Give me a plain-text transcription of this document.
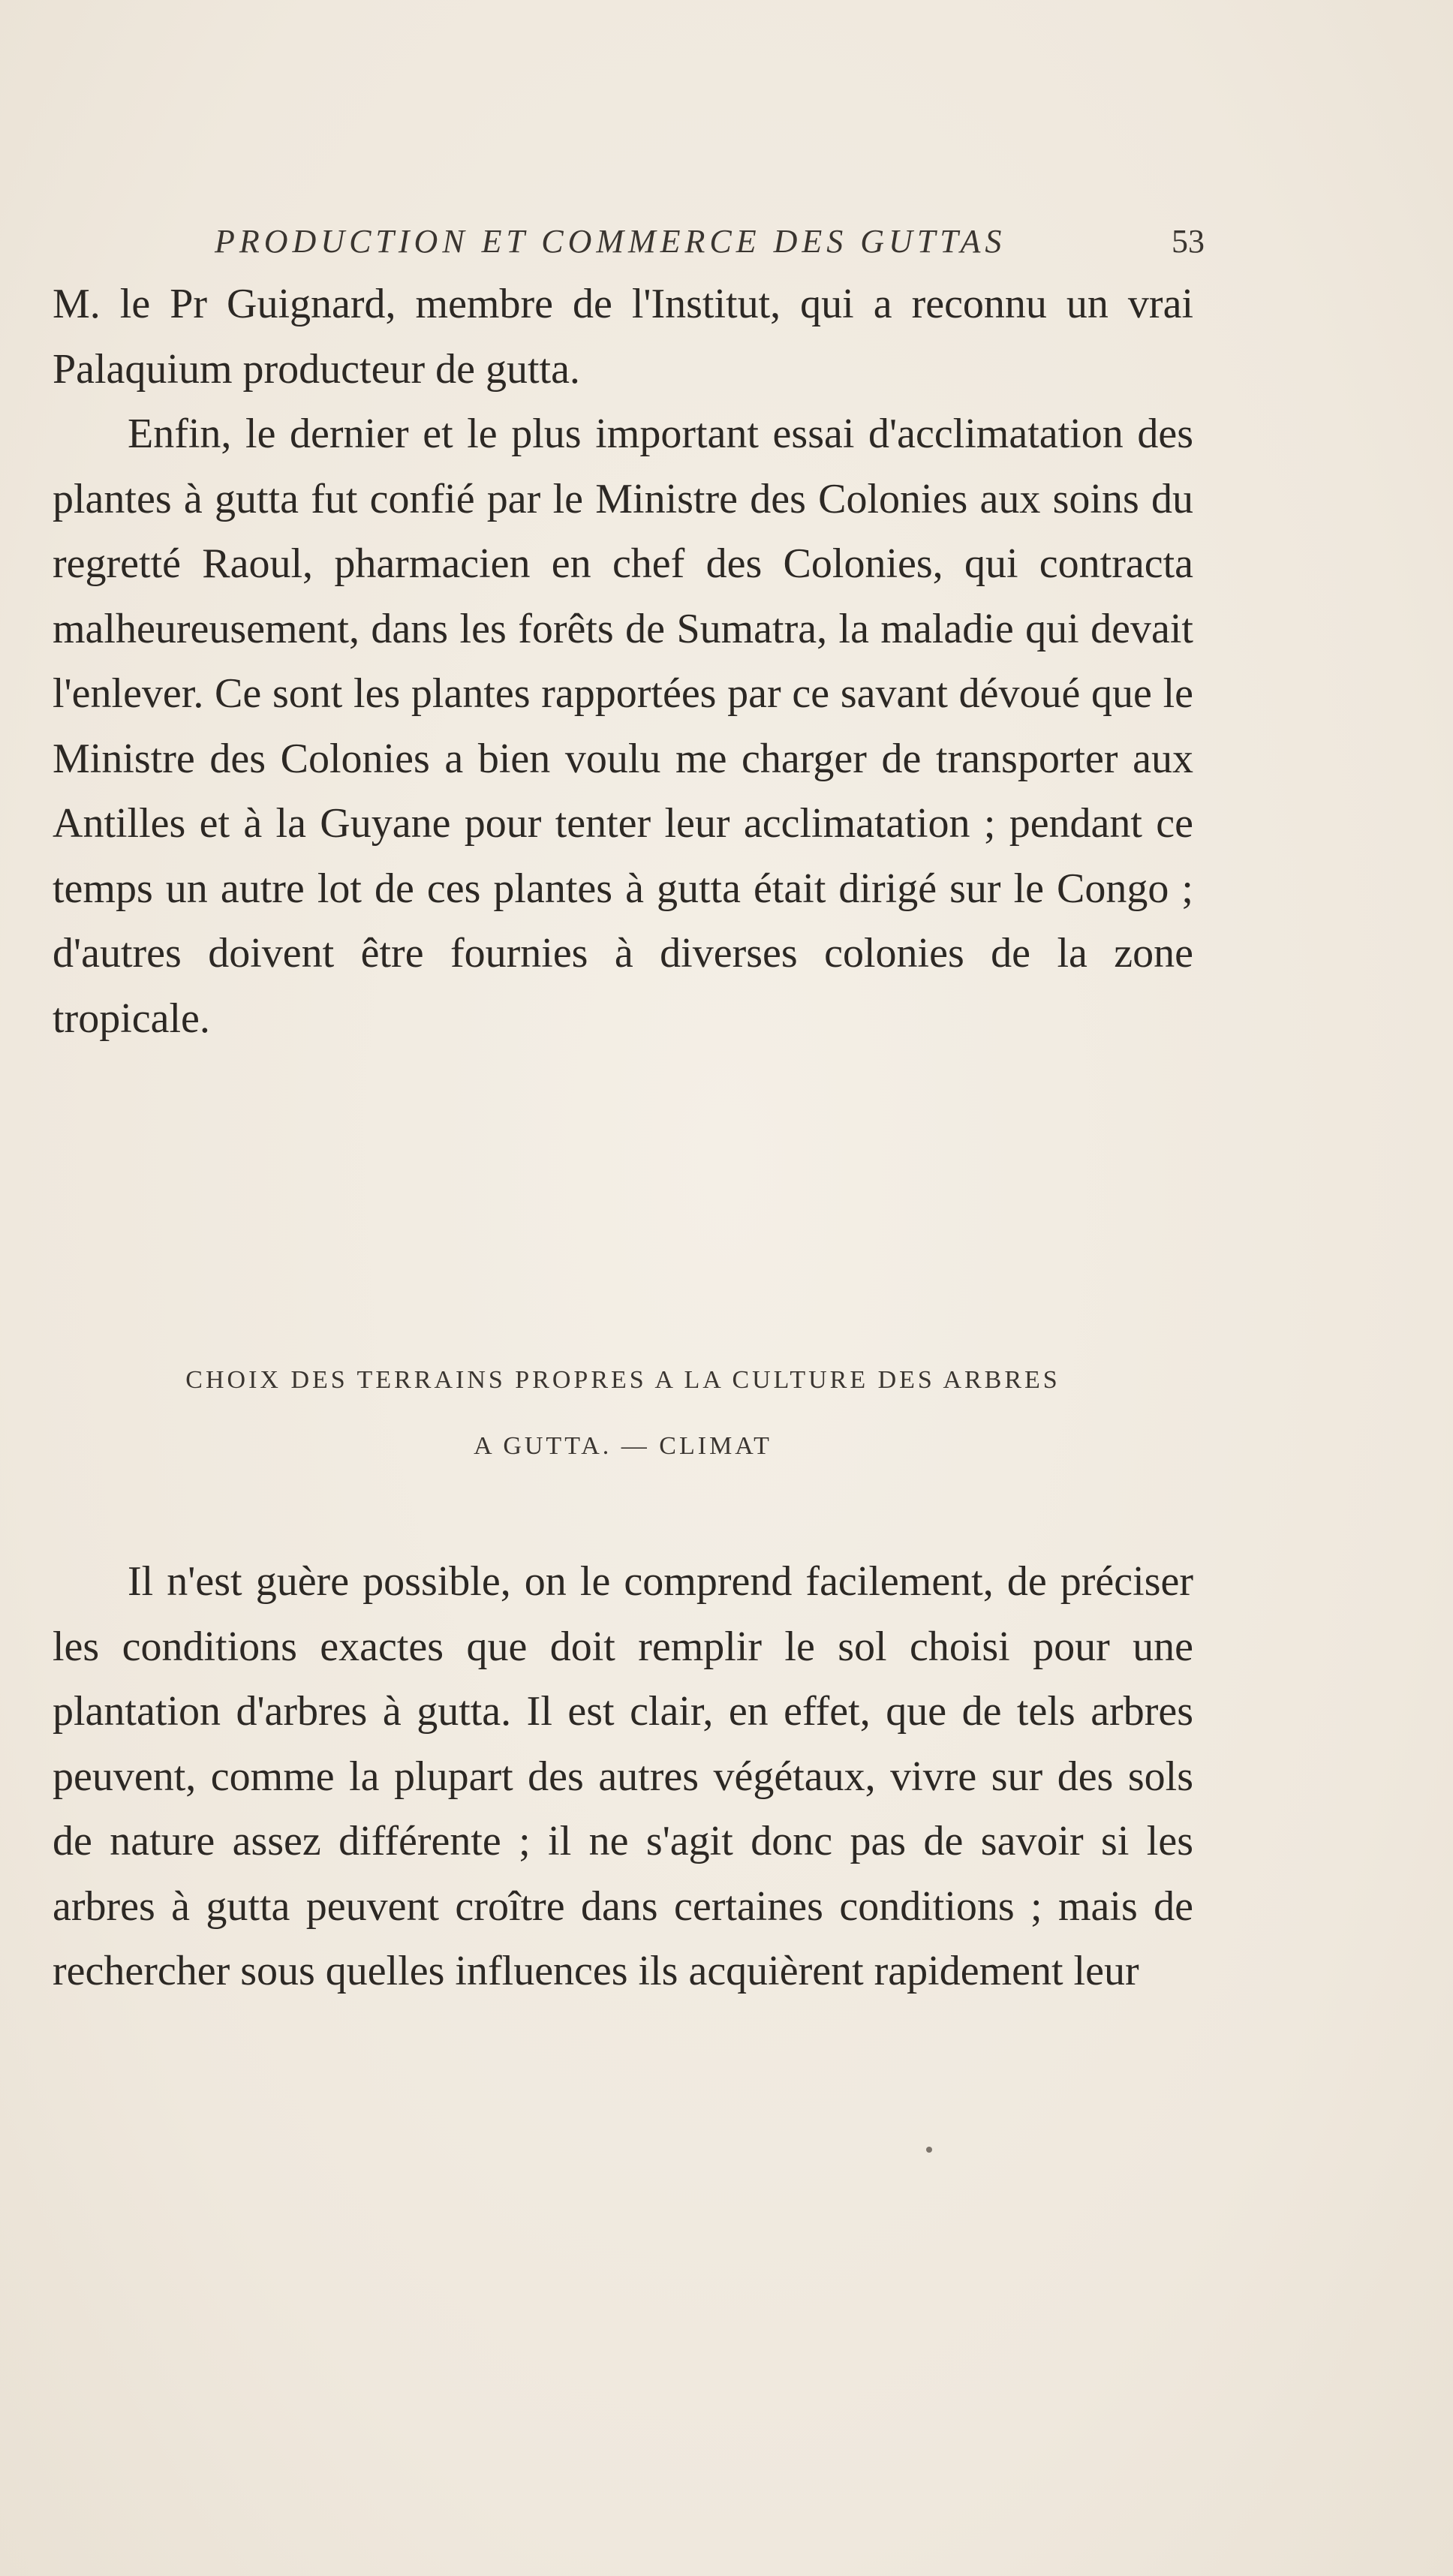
PRODUCTION ET COMMERCE DES GUTTAS	53

M. le Pr Guignard, membre de l'Institut, qui a reconnu un vrai Palaquium producteur de gutta.

Enfin, le dernier et le plus important essai d'acclimatation des plantes à gutta fut confié par le Ministre des Colonies aux soins du regretté Raoul, pharmacien en chef des Colonies, qui contracta malheureusement, dans les forêts de Sumatra, la maladie qui devait l'enlever. Ce sont les plantes rapportées par ce savant dévoué que le Ministre des Colonies a bien voulu me charger de transporter aux Antilles et à la Guyane pour tenter leur acclimatation ; pendant ce temps un autre lot de ces plantes à gutta était dirigé sur le Congo ; d'autres doivent être fournies à diverses colonies de la zone tropicale.

CHOIX DES TERRAINS PROPRES A LA CULTURE DES ARBRES
A GUTTA. — CLIMAT

Il n'est guère possible, on le comprend facilement, de préciser les conditions exactes que doit remplir le sol choisi pour une plantation d'arbres à gutta. Il est clair, en effet, que de tels arbres peuvent, comme la plupart des autres végétaux, vivre sur des sols de nature assez différente ; il ne s'agit donc pas de savoir si les arbres à gutta peuvent croître dans certaines conditions ; mais de rechercher sous quelles influences ils acquièrent rapidement leur
